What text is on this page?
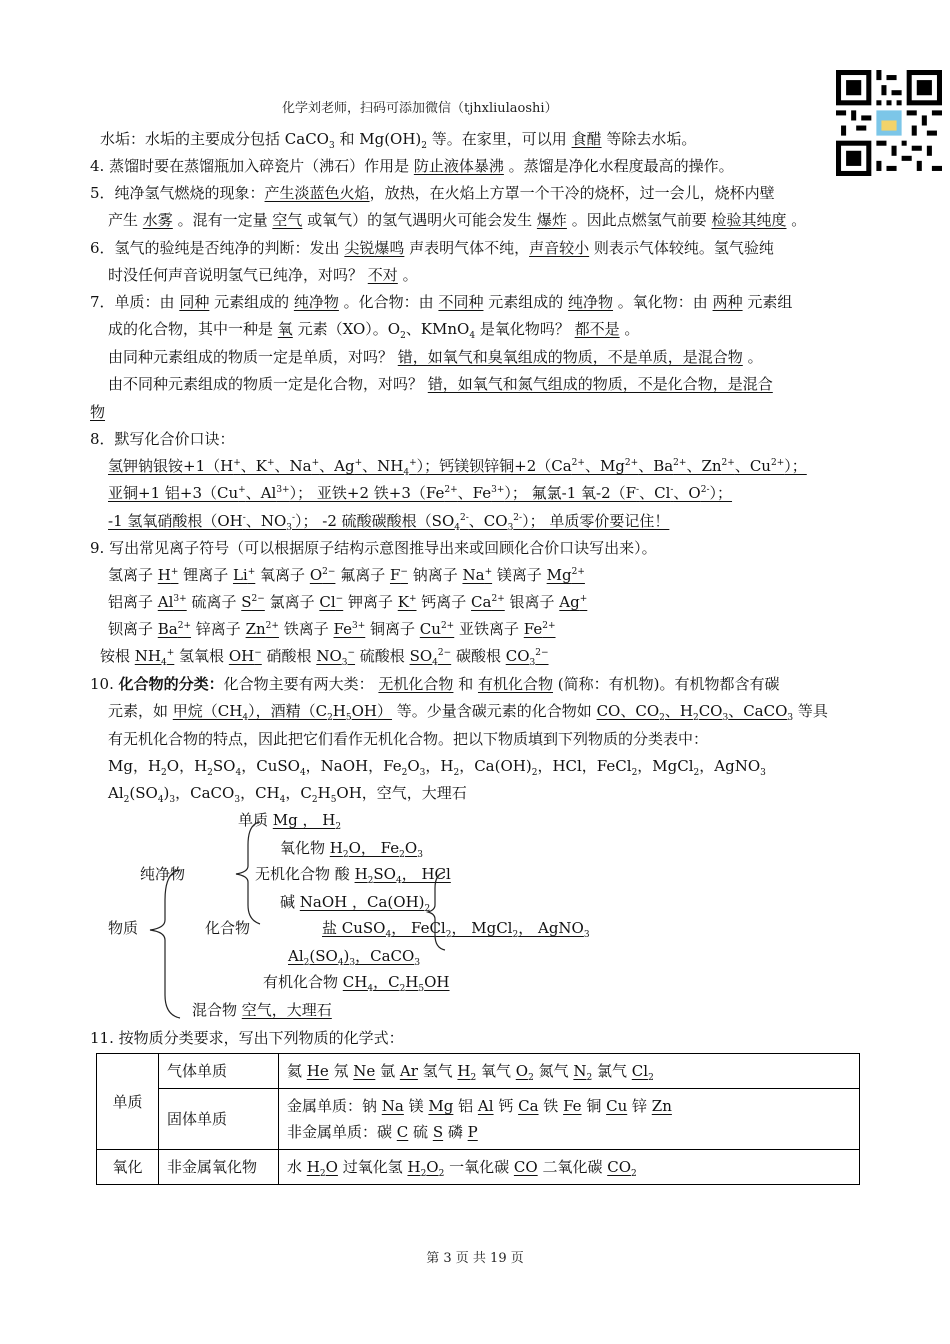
化学刘老师，扫码可添加微信（tjhxliulaoshi）
水垢：水垢的主要成分包括 CaCO$_3$ 和 $Mg(OH)_2$ 等。在家里，可以用 食醋 等除去水垢。
4. 蒸馏时要在蒸馏瓶加入碎瓷片（沸石）作用是 防止液体暴沸 。蒸馏是净化水程度最高的操作。
5．纯净氢气燃烧的现象：产生淡蓝色火焰，放热，在火焰上方罩一个干冷的烧杯，过一会儿，烧杯内壁
产生 水雾 。混有一定量 空气 或氧气）的氢气遇明火可能会发生 爆炸 。因此点燃氢气前要 检验其纯度 。
6．氢气的验纯是否纯净的判断：发出 尖锐爆鸣 声表明气体不纯，声音较小 则表示气体较纯。氢气验纯
时没任何声音说明氢气已纯净，对吗？ 不对 。
7．单质：由 同种 元素组成的 纯净物 。化合物：由 不同种 元素组成的 纯净物 。氧化物：由 两种 元素组
成的化合物，其中一种是 氧 元素（XO）。$O_2$、KMnO$_4$ 是氧化物吗？ 都不是 。
由同种元素组成的物质一定是单质，对吗？ 错，如氧气和臭氧组成的物质，不是单质，是混合物 。
由不同种元素组成的物质一定是化合物，对吗？ 错，如氧气和氮气组成的物质，不是化合物，是混合
物
8．默写化合价口诀：
氢钾钠银铵+1（H+、K+、Na+、Ag+、$NH_4^+$）；钙镁钡锌铜$+2(Ca^{2+}$、$Mg^{2+}$、$Ba^{2+}$、$Zn^{2+}$、$Cu^{2+}$）；
亚铜+1 铝+3（Cu+、$Al^{3+}$）； 亚铁+2 铁$+3(Fe^{2+}$、$Fe^{3+}$）； 氟氯-1 氧-2（F-、Cl-、$O^{2-}$）；
-1 氢氧硝酸根（OH-、$NO_3^-$）； -2 硫酸碳酸根（$SO_4^{2-}$、$CO_3^{2-}$）； 单质零价要记住！
9. 写出常见离子符号（可以根据原子结构示意图推导出来或回顾化合价口诀写出来）。
氢离子 H+ 锂离子 Li+ 氧离子 $O^{2-}$ 氟离子 F− 钠离子 Na+ 镁离子 $Mg^{2+}$
铝离子 $Al^{3+}$ 硫离子 $S^{2-}$ 氯离子 Cl− 钾离子 K+ 钙离子 $Ca^{2+}$ 银离子 Ag+
钡离子 $Ba^{2+}$ 锌离子 $Zn^{2+}$ 铁离子 $Fe^{3+}$ 铜离子 $Cu^{2+}$ 亚铁离子 $Fe^{2+}$
铵根 $NH_4^+$ 氢氧根 OH− 硝酸根 $NO_3^-$ 硫酸根 $SO_4^{2-}$ 碳酸根 $CO_3^{2-}$
10. 化合物的分类：化合物主要有两大类： 无机化合物 和 有机化合物 (简称：有机物)。有机物都含有碳
元素，如 甲烷$(CH_4)$，酒精$(C_2H_5OH)$ 等。少量含碳元素的化合物如 CO、$CO_2$、$H_2CO_3$、CaCO$_3$ 等具
有无机化合物的特点，因此把它们看作无机化合物。把以下物质填到下列物质的分类表中：
Mg，$H_2O$，$H_2SO_4$，CuSO$_4$，NaOH，$Fe_2O_3$，$H_2$，$Ca(OH)_2$，HCl，FeCl$_2$，MgCl$_2$，AgNO$_3$
$Al_2(SO_4)_3$，CaCO$_3$，$CH_4$，$C_2H_5OH$，空气，大理石
单质 Mg ， $H_2$
氧化物 $H_2O$， $Fe_2O_3$
纯净物	无机化合物 酸 $H_2SO_4$， HCl
碱 NaOH ，$Ca(OH)_2$
物质	化合物	盐 CuSO$_4$， FeCl$_2$， MgCl$_2$， AgNO$_3$
$Al_2(SO_4)_3$，CaCO$_3$
有机化合物 $CH_4$，$C_2H_5OH$
混合物 空气，大理石
11. 按物质分类要求，写出下列物质的化学式：
单质	气体单质	氦 He 氖 Ne 氩 Ar 氢气 $H_2$ 氧气 $O_2$ 氮气 $N_2$ 氯气 $Cl_2$
	固体单质	金属单质：钠 Na 镁 Mg 铝 Al 钙 Ca 铁 Fe 铜 Cu 锌 Zn
非金属单质：碳 C 硫 S 磷 P
氧化	非金属氧化物	水 $H_2O$ 过氧化氢 $H_2O_2$ 一氧化碳 CO 二氧化碳 $CO_2$
第 3 页 共 19 页
